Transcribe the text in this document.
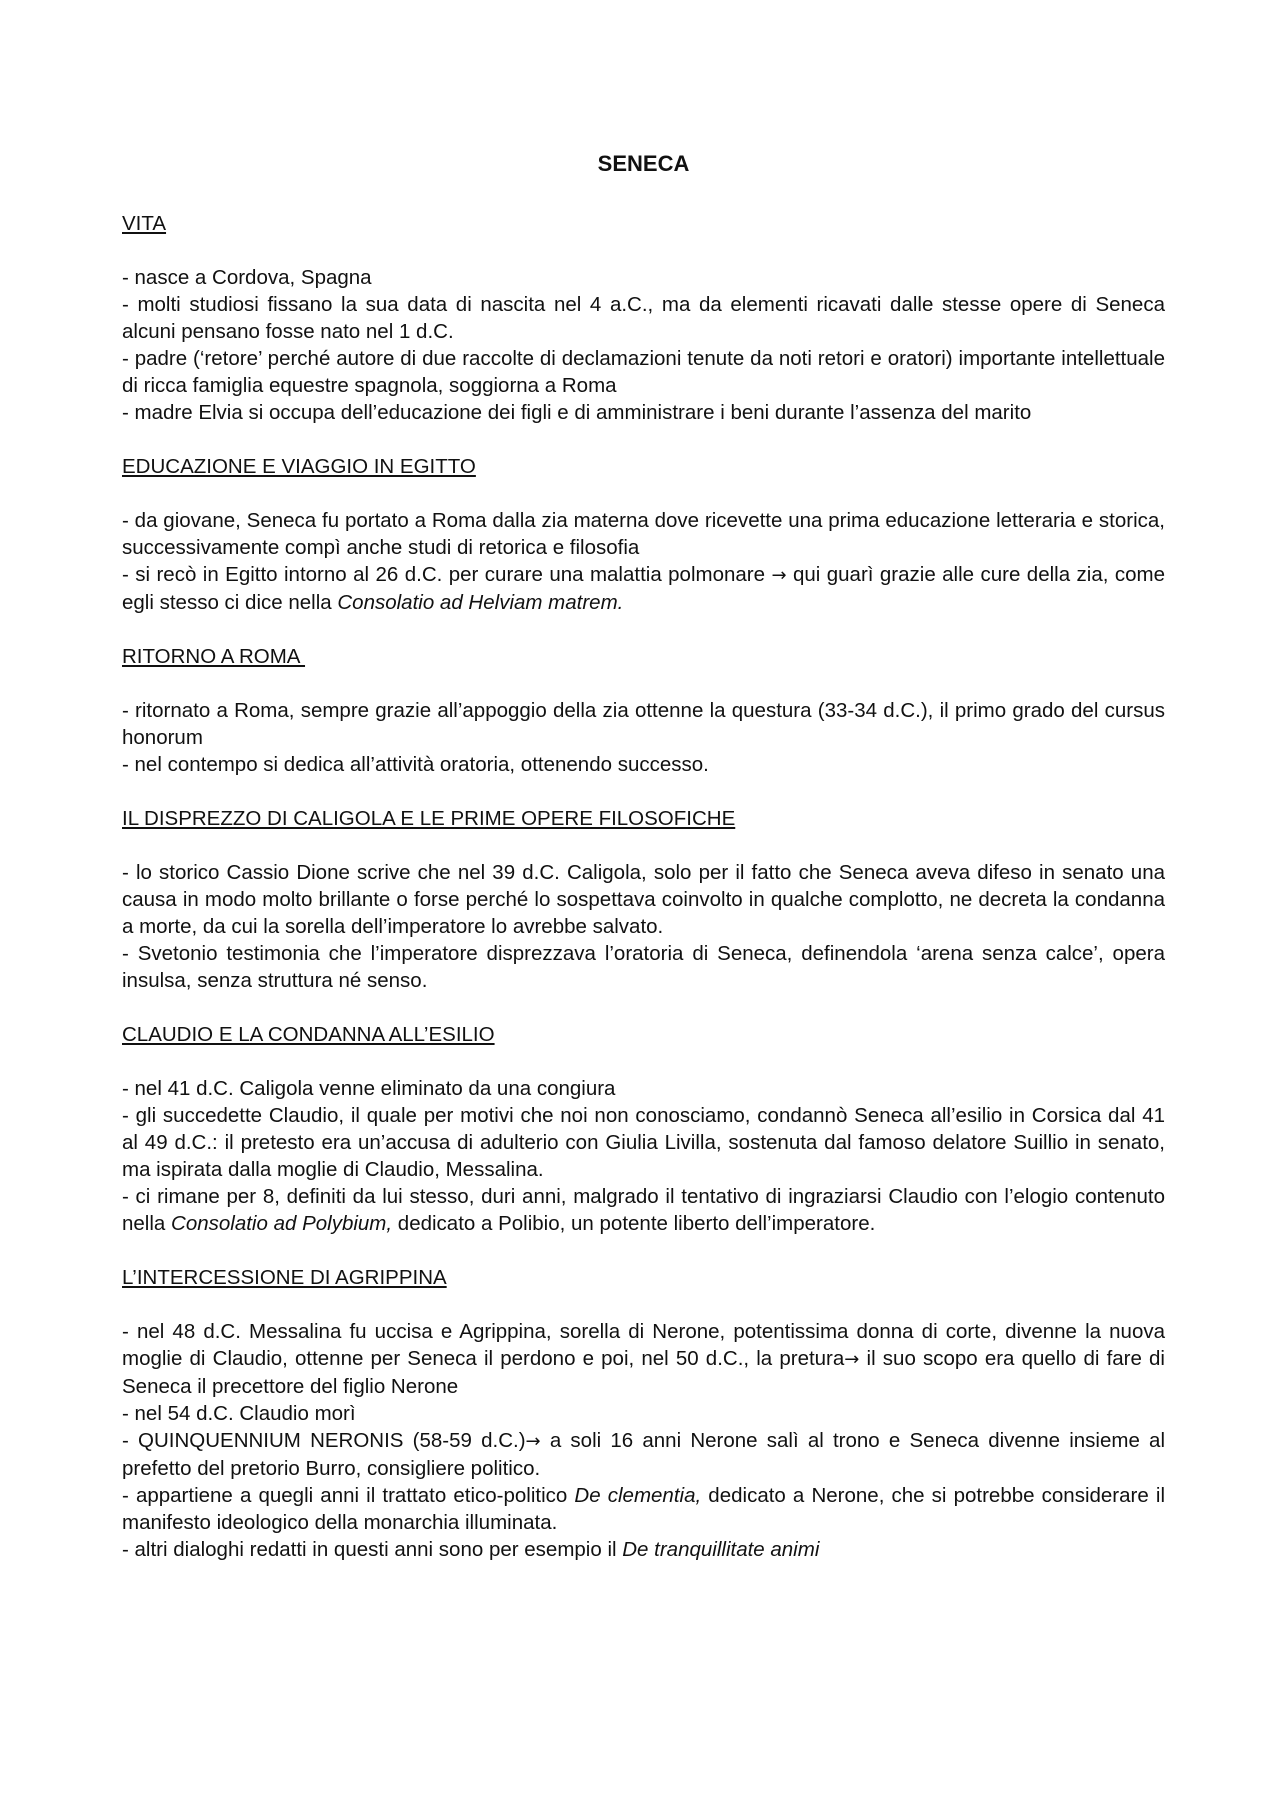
SENECA
VITA

- nasce a Cordova, Spagna

- molti studiosi fissano la sua data di nascita nel 4 a.C., ma da elementi ricavati dalle stesse opere di Seneca alcuni pensano fosse nato nel 1 d.C.

- padre (‘retore’ perché autore di due raccolte di declamazioni tenute da noti retori e oratori) importante intellettuale di ricca famiglia equestre spagnola, soggiorna a Roma

- madre Elvia si occupa dell’educazione dei figli e di amministrare i beni durante l’assenza del marito

EDUCAZIONE E VIAGGIO IN EGITTO

- da giovane, Seneca fu portato a Roma dalla zia materna dove ricevette una prima educazione letteraria e storica, successivamente compì anche studi di retorica e filosofia

- si recò in Egitto intorno al 26 d.C. per curare una malattia polmonare → qui guarì grazie alle cure della zia, come egli stesso ci dice nella Consolatio ad Helviam matrem.

RITORNO A ROMA

- ritornato a Roma, sempre grazie all’appoggio della zia ottenne la questura (33-34 d.C.), il primo grado del cursus honorum

- nel contempo si dedica all’attività oratoria, ottenendo successo.

IL DISPREZZO DI CALIGOLA E LE PRIME OPERE FILOSOFICHE

- lo storico Cassio Dione scrive che nel 39 d.C. Caligola, solo per il fatto che Seneca aveva difeso in senato una causa in modo molto brillante o forse perché lo sospettava coinvolto in qualche complotto, ne decreta la condanna a morte, da cui la sorella dell’imperatore lo avrebbe salvato.

- Svetonio testimonia che l’imperatore disprezzava l’oratoria di Seneca, definendola ‘arena senza calce’, opera insulsa, senza struttura né senso.

CLAUDIO E LA CONDANNA ALL’ESILIO

- nel 41 d.C. Caligola venne eliminato da una congiura

- gli succedette Claudio, il quale per motivi che noi non conosciamo, condannò Seneca all’esilio in Corsica dal 41 al 49 d.C.: il pretesto era un’accusa di adulterio con Giulia Livilla, sostenuta dal famoso delatore Suillio in senato, ma ispirata dalla moglie di Claudio, Messalina.

- ci rimane per 8, definiti da lui stesso, duri anni, malgrado il tentativo di ingraziarsi Claudio con l’elogio contenuto nella Consolatio ad Polybium, dedicato a Polibio, un potente liberto dell’imperatore.

L’INTERCESSIONE DI AGRIPPINA

- nel 48 d.C. Messalina fu uccisa e Agrippina, sorella di Nerone, potentissima donna di corte, divenne la nuova moglie di Claudio, ottenne per Seneca il perdono e poi, nel 50 d.C., la pretura→ il suo scopo era quello di fare di Seneca il precettore del figlio Nerone

- nel 54 d.C. Claudio morì

- QUINQUENNIUM NERONIS (58-59 d.C.)→ a soli 16 anni Nerone salì al trono e Seneca divenne insieme al prefetto del pretorio Burro, consigliere politico.

- appartiene a quegli anni il trattato etico-politico De clementia, dedicato a Nerone, che si potrebbe considerare il manifesto ideologico della monarchia illuminata.

- altri dialoghi redatti in questi anni sono per esempio il De tranquillitate animi
